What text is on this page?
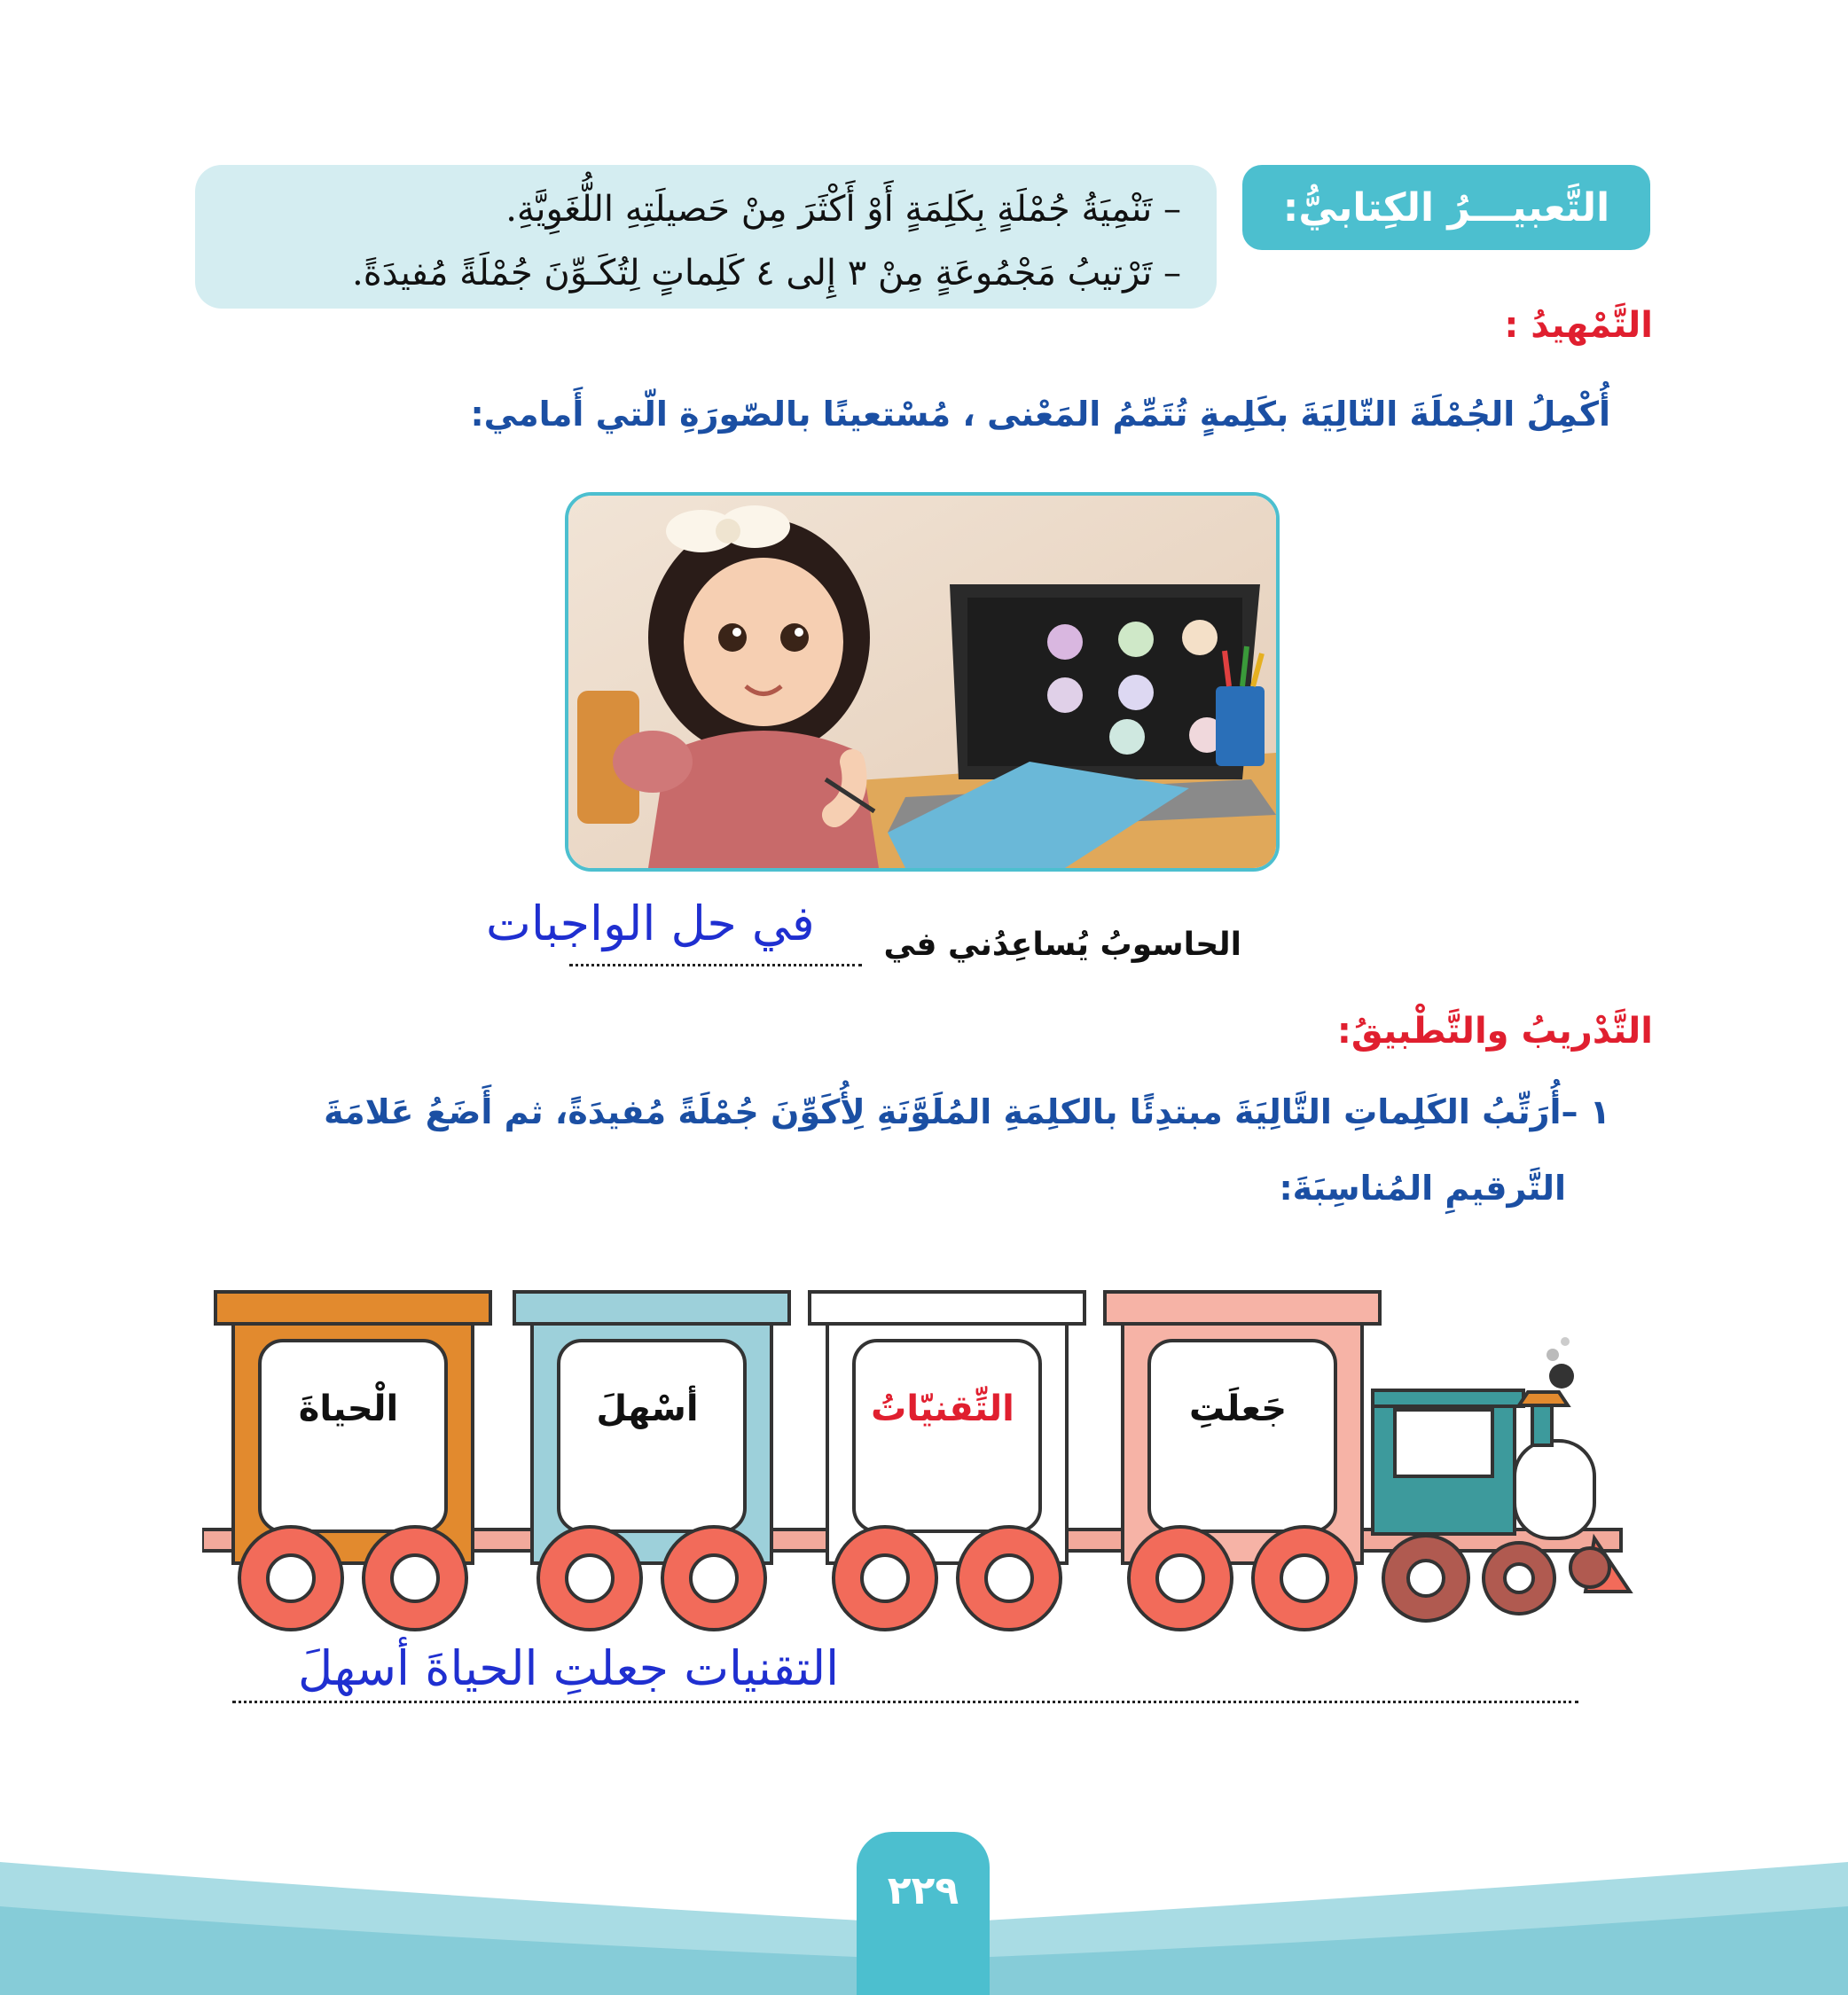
التَّعبيـــرُ الكِتابيُّ:
– تَنْمِيَةُ جُمْلَةٍ بِكَلِمَةٍ أَوْ أَكْثَرَ مِنْ حَصيلَتِهِ اللُّغَوِيَّةِ.
– تَرْتيبُ مَجْمُوعَةٍ مِنْ ٣ إِلى ٤ كَلِماتٍ لِتُكَـوِّنَ جُمْلَةً مُفيدَةً.
التَّمْهيدُ :
أُكْمِلُ الجُمْلَةَ التّالِيَةَ بكَلِمةٍ تُتَمِّمُ المَعْنى ، مُسْتعينًا بالصّورَةِ الّتي أَمامي:
في حل الواجبات الحاسوبُ يُساعِدُني في
التَّدْريبُ والتَّطْبيقُ:
١ –أُرَتِّبُ الكَلِماتِ التَّالِيَةَ مبتدِئًا بالكلِمَةِ المُلَوَّنَةِ لِأُكَوِّنَ جُمْلَةً مُفيدَةً، ثم أَضَعُ عَلامَةَ
التَّرقيمِ المُناسِبَةَ:
الْحياةَ	أسْهلَ	التِّقنيّاتُ	جَعلَتِ
التقنيات جعلتِ الحياةَ أسهلَ
٢٢٩
